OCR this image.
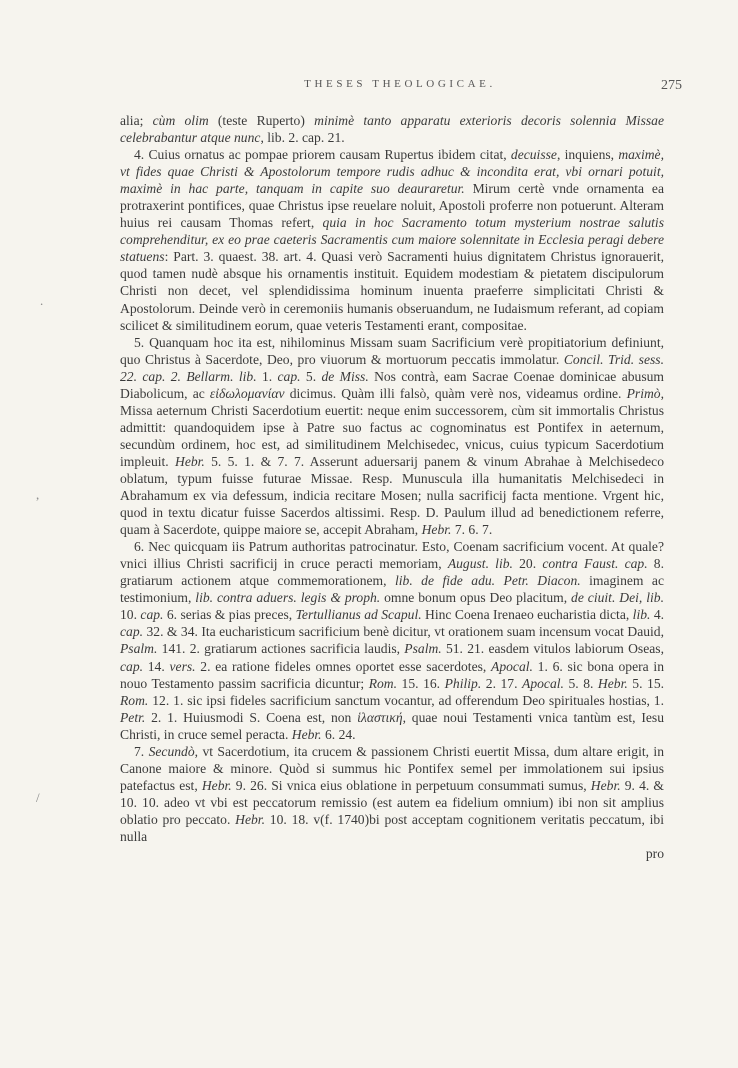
THESES THEOLOGICAE.	275

alia; cùm olim (teste Ruperto) minimè tanto apparatu exterioris decoris solennia Missae celebrabantur atque nunc, lib. 2. cap. 21.

4. Cuius ornatus ac pompae priorem causam Rupertus ibidem citat, decuisse, inquiens, maximè, vt fides quae Christi & Apostolorum tempore rudis adhuc & incondita erat, vbi ornari potuit, maximè in hac parte, tanquam in capite suo deauraretur. Mirum certè vnde ornamenta ea protraxerint pontifices, quae Christus ipse reuelare noluit, Apostoli proferre non potuerunt. Alteram huius rei causam Thomas refert, quia in hoc Sacramento totum mysterium nostrae salutis comprehenditur, ex eo prae caeteris Sacramentis cum maiore solennitate in Ecclesia peragi debere statuens: Part. 3. quaest. 38. art. 4. Quasi verò Sacramenti huius dignitatem Christus ignorauerit, quod tamen nudè absque his ornamentis instituit. Equidem modestiam & pietatem discipulorum Christi non decet, vel splendidissima hominum inuenta praeferre simplicitati Christi & Apostolorum. Deinde verò in ceremoniis humanis obseruandum, ne Iudaismum referant, ad copiam scilicet & similitudinem eorum, quae veteris Testamenti erant, compositae.

5. Quanquam hoc ita est, nihilominus Missam suam Sacrificium verè propitiatorium definiunt, quo Christus à Sacerdote, Deo, pro viuorum & mortuorum peccatis immolatur. Concil. Trid. sess. 22. cap. 2. Bellarm. lib. 1. cap. 5. de Miss. Nos contrà, eam Sacrae Coenae dominicae abusum Diabolicum, ac εἰδωλομανίαν dicimus. Quàm illi falsò, quàm verè nos, videamus ordine. Primò, Missa aeternum Christi Sacerdotium euertit: neque enim successorem, cùm sit immortalis Christus admittit: quandoquidem ipse à Patre suo factus ac cognominatus est Pontifex in aeternum, secundùm ordinem, hoc est, ad similitudinem Melchisedec, vnicus, cuius typicum Sacerdotium impleuit. Hebr. 5. 5. 1. & 7. 7. Asserunt aduersarij panem & vinum Abrahae à Melchisedeco oblatum, typum fuisse futurae Missae. Resp. Munuscula illa humanitatis Melchisedeci in Abrahamum ex via defessum, indicia recitare Mosen; nulla sacrificij facta mentione. Vrgent hic, quod in textu dicatur fuisse Sacerdos altissimi. Resp. D. Paulum illud ad benedictionem referre, quam à Sacerdote, quippe maiore se, accepit Abraham, Hebr. 7. 6. 7.

6. Nec quicquam iis Patrum authoritas patrocinatur. Esto, Coenam sacrificium vocent. At quale? vnici illius Christi sacrificij in cruce peracti memoriam, August. lib. 20. contra Faust. cap. 8. gratiarum actionem atque commemorationem, lib. de fide adu. Petr. Diacon. imaginem ac testimonium, lib. contra aduers. legis & proph. omne bonum opus Deo placitum, de ciuit. Dei, lib. 10. cap. 6. serias & pias preces, Tertullianus ad Scapul. Hinc Coena Irenaeo eucharistia dicta, lib. 4. cap. 32. & 34. Ita eucharisticum sacrificium benè dicitur, vt orationem suam incensum vocat Dauid, Psalm. 141. 2. gratiarum actiones sacrificia laudis, Psalm. 51. 21. easdem vitulos labiorum Oseas, cap. 14. vers. 2. ea ratione fideles omnes oportet esse sacerdotes, Apocal. 1. 6. sic bona opera in nouo Testamento passim sacrificia dicuntur; Rom. 15. 16. Philip. 2. 17. Apocal. 5. 8. Hebr. 5. 15. Rom. 12. 1. sic ipsi fideles sacrificium sanctum vocantur, ad offerendum Deo spirituales hostias, 1. Petr. 2. 1. Huiusmodi S. Coena est, non ἱλαστική, quae noui Testamenti vnica tantùm est, Iesu Christi, in cruce semel peracta. Hebr. 6. 24.

7. Secundò, vt Sacerdotium, ita crucem & passionem Christi euertit Missa, dum altare erigit, in Canone maiore & minore. Quòd si summus hic Pontifex semel per immolationem sui ipsius patefactus est, Hebr. 9. 26. Si vnica eius oblatione in perpetuum consummati sumus, Hebr. 9. 4. & 10. 10. adeo vt vbi est peccatorum remissio (est autem ea fidelium omnium) ibi non sit amplius oblatio pro peccato. Hebr. 10. 18. v(f. 1740)bi post acceptam cognitionem veritatis peccatum, ibi nulla

pro
.
,
/
